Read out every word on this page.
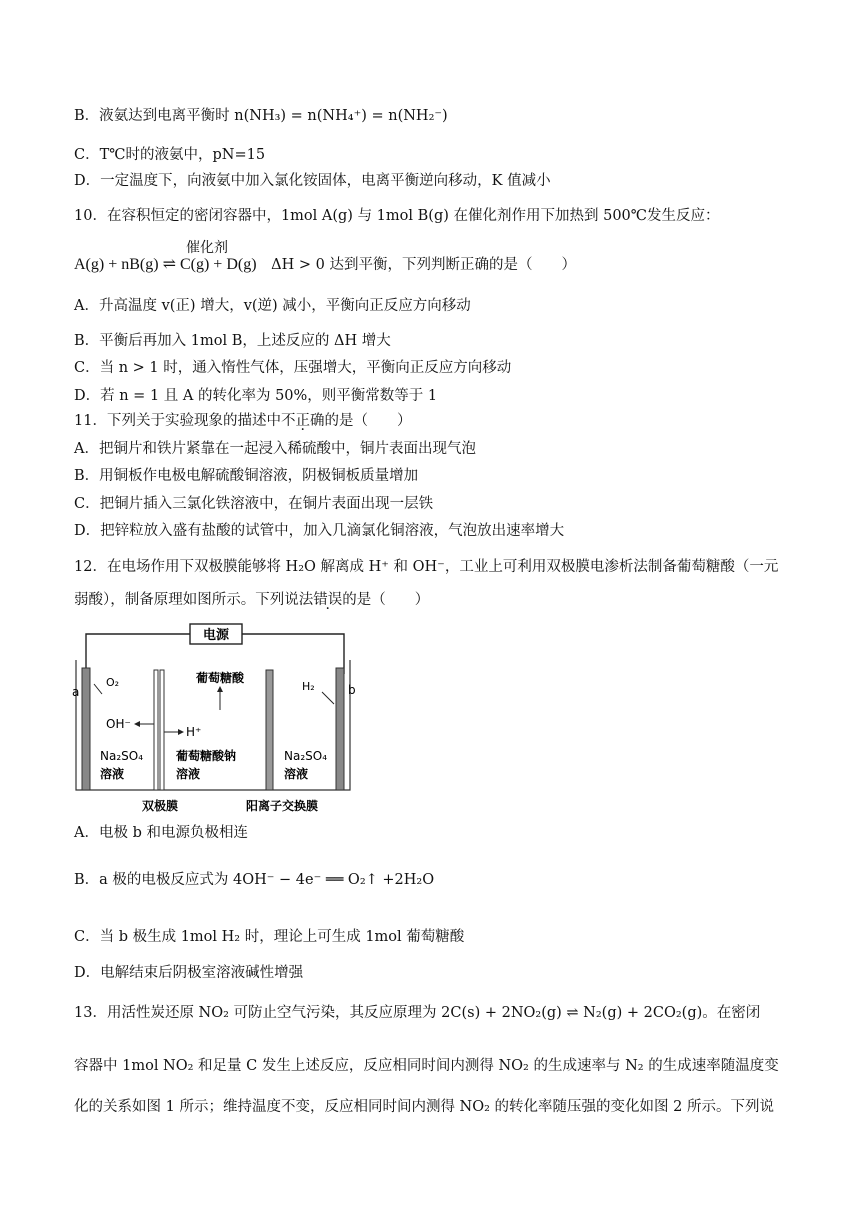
B．液氨达到电离平衡时 n(NH₃) = n(NH₄⁺) = n(NH₂⁻)
C．T℃时的液氨中，pN=15
D．一定温度下，向液氨中加入氯化铵固体，电离平衡逆向移动，K 值减小
10．在容积恒定的密闭容器中，1mol A(g) 与 1mol B(g) 在催化剂作用下加热到 500℃发生反应：
A(g) + nB(g) ⇌ C(g) + D(g) ΔH > 0 达到平衡，下列判断正确的是（　　）
催化剂
A．升高温度 v(正) 增大，v(逆) 减小，平衡向正反应方向移动
B．平衡后再加入 1mol B，上述反应的 ΔH 增大
C．当 n > 1 时，通入惰性气体，压强增大，平衡向正反应方向移动
D．若 n = 1 且 A 的转化率为 50%，则平衡常数等于 1
11．下列关于实验现象的描述中不正确的是（　　）
A．把铜片和铁片紧靠在一起浸入稀硫酸中，铜片表面出现气泡
B．用铜板作电极电解硫酸铜溶液，阴极铜板质量增加
C．把铜片插入三氯化铁溶液中，在铜片表面出现一层铁
D．把锌粒放入盛有盐酸的试管中，加入几滴氯化铜溶液，气泡放出速率增大
12．在电场作用下双极膜能够将 H₂O 解离成 H⁺ 和 OH⁻，工业上可利用双极膜电渗析法制备葡萄糖酸（一元
弱酸），制备原理如图所示。下列说法错误的是（　　）
电源
a	b
O₂	H₂
葡萄糖酸
OH⁻
H⁺
Na₂SO₄
溶液
葡萄糖酸钠
溶液
Na₂SO₄
溶液
双极膜	阳离子交换膜
A．电极 b 和电源负极相连
B．a 极的电极反应式为 4OH⁻ − 4e⁻ ══ O₂↑ +2H₂O
C．当 b 极生成 1mol H₂ 时，理论上可生成 1mol 葡萄糖酸
D．电解结束后阴极室溶液碱性增强
13．用活性炭还原 NO₂ 可防止空气污染，其反应原理为 2C(s) + 2NO₂(g) ⇌ N₂(g) + 2CO₂(g)。在密闭
容器中 1mol NO₂ 和足量 C 发生上述反应，反应相同时间内测得 NO₂ 的生成速率与 N₂ 的生成速率随温度变
化的关系如图 1 所示；维持温度不变，反应相同时间内测得 NO₂ 的转化率随压强的变化如图 2 所示。下列说
